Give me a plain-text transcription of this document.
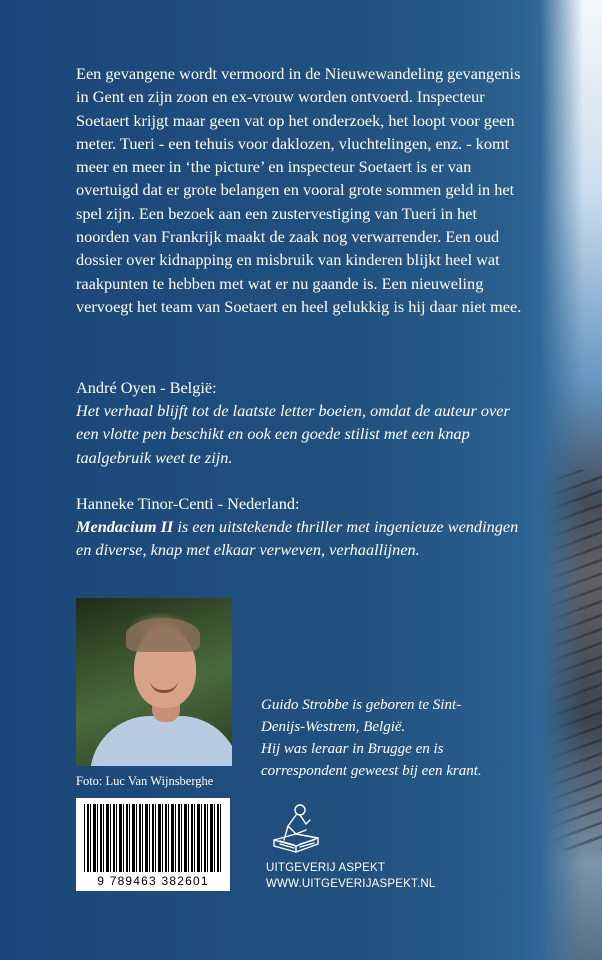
Een gevangene wordt vermoord in de Nieuwewandeling gevangenis in Gent en zijn zoon en ex-vrouw worden ontvoerd. Inspecteur Soetaert krijgt maar geen vat op het onderzoek, het loopt voor geen meter. Tueri - een tehuis voor daklozen, vluchtelingen, enz. - komt meer en meer in ‘the picture’ en inspecteur Soetaert is er van overtuigd dat er grote belangen en vooral grote sommen geld in het spel zijn. Een bezoek aan een zustervestiging van Tueri in het noorden van Frankrijk maakt de zaak nog verwarrender. Een oud dossier over kidnapping en misbruik van kinderen blijkt heel wat raakpunten te hebben met wat er nu gaande is. Een nieuweling vervoegt het team van Soetaert en heel gelukkig is hij daar niet mee.

André Oyen - België:

Het verhaal blijft tot de laatste letter boeien, omdat de auteur over een vlotte pen beschikt en ook een goede stilist met een knap taalgebruik weet te zijn.

Hanneke Tinor-Centi - Nederland:

Mendacium II is een uitstekende thriller met ingenieuze wendingen en diverse, knap met elkaar verweven, verhaallijnen.

Foto: Luc Van Wijnsberghe

Guido Strobbe is geboren te Sint-
Denijs-Westrem, België.
Hij was leraar in Brugge en is
correspondent geweest bij een krant.

9 789463 382601

UITGEVERIJ ASPEKT

WWW.UITGEVERIJASPEKT.NL
